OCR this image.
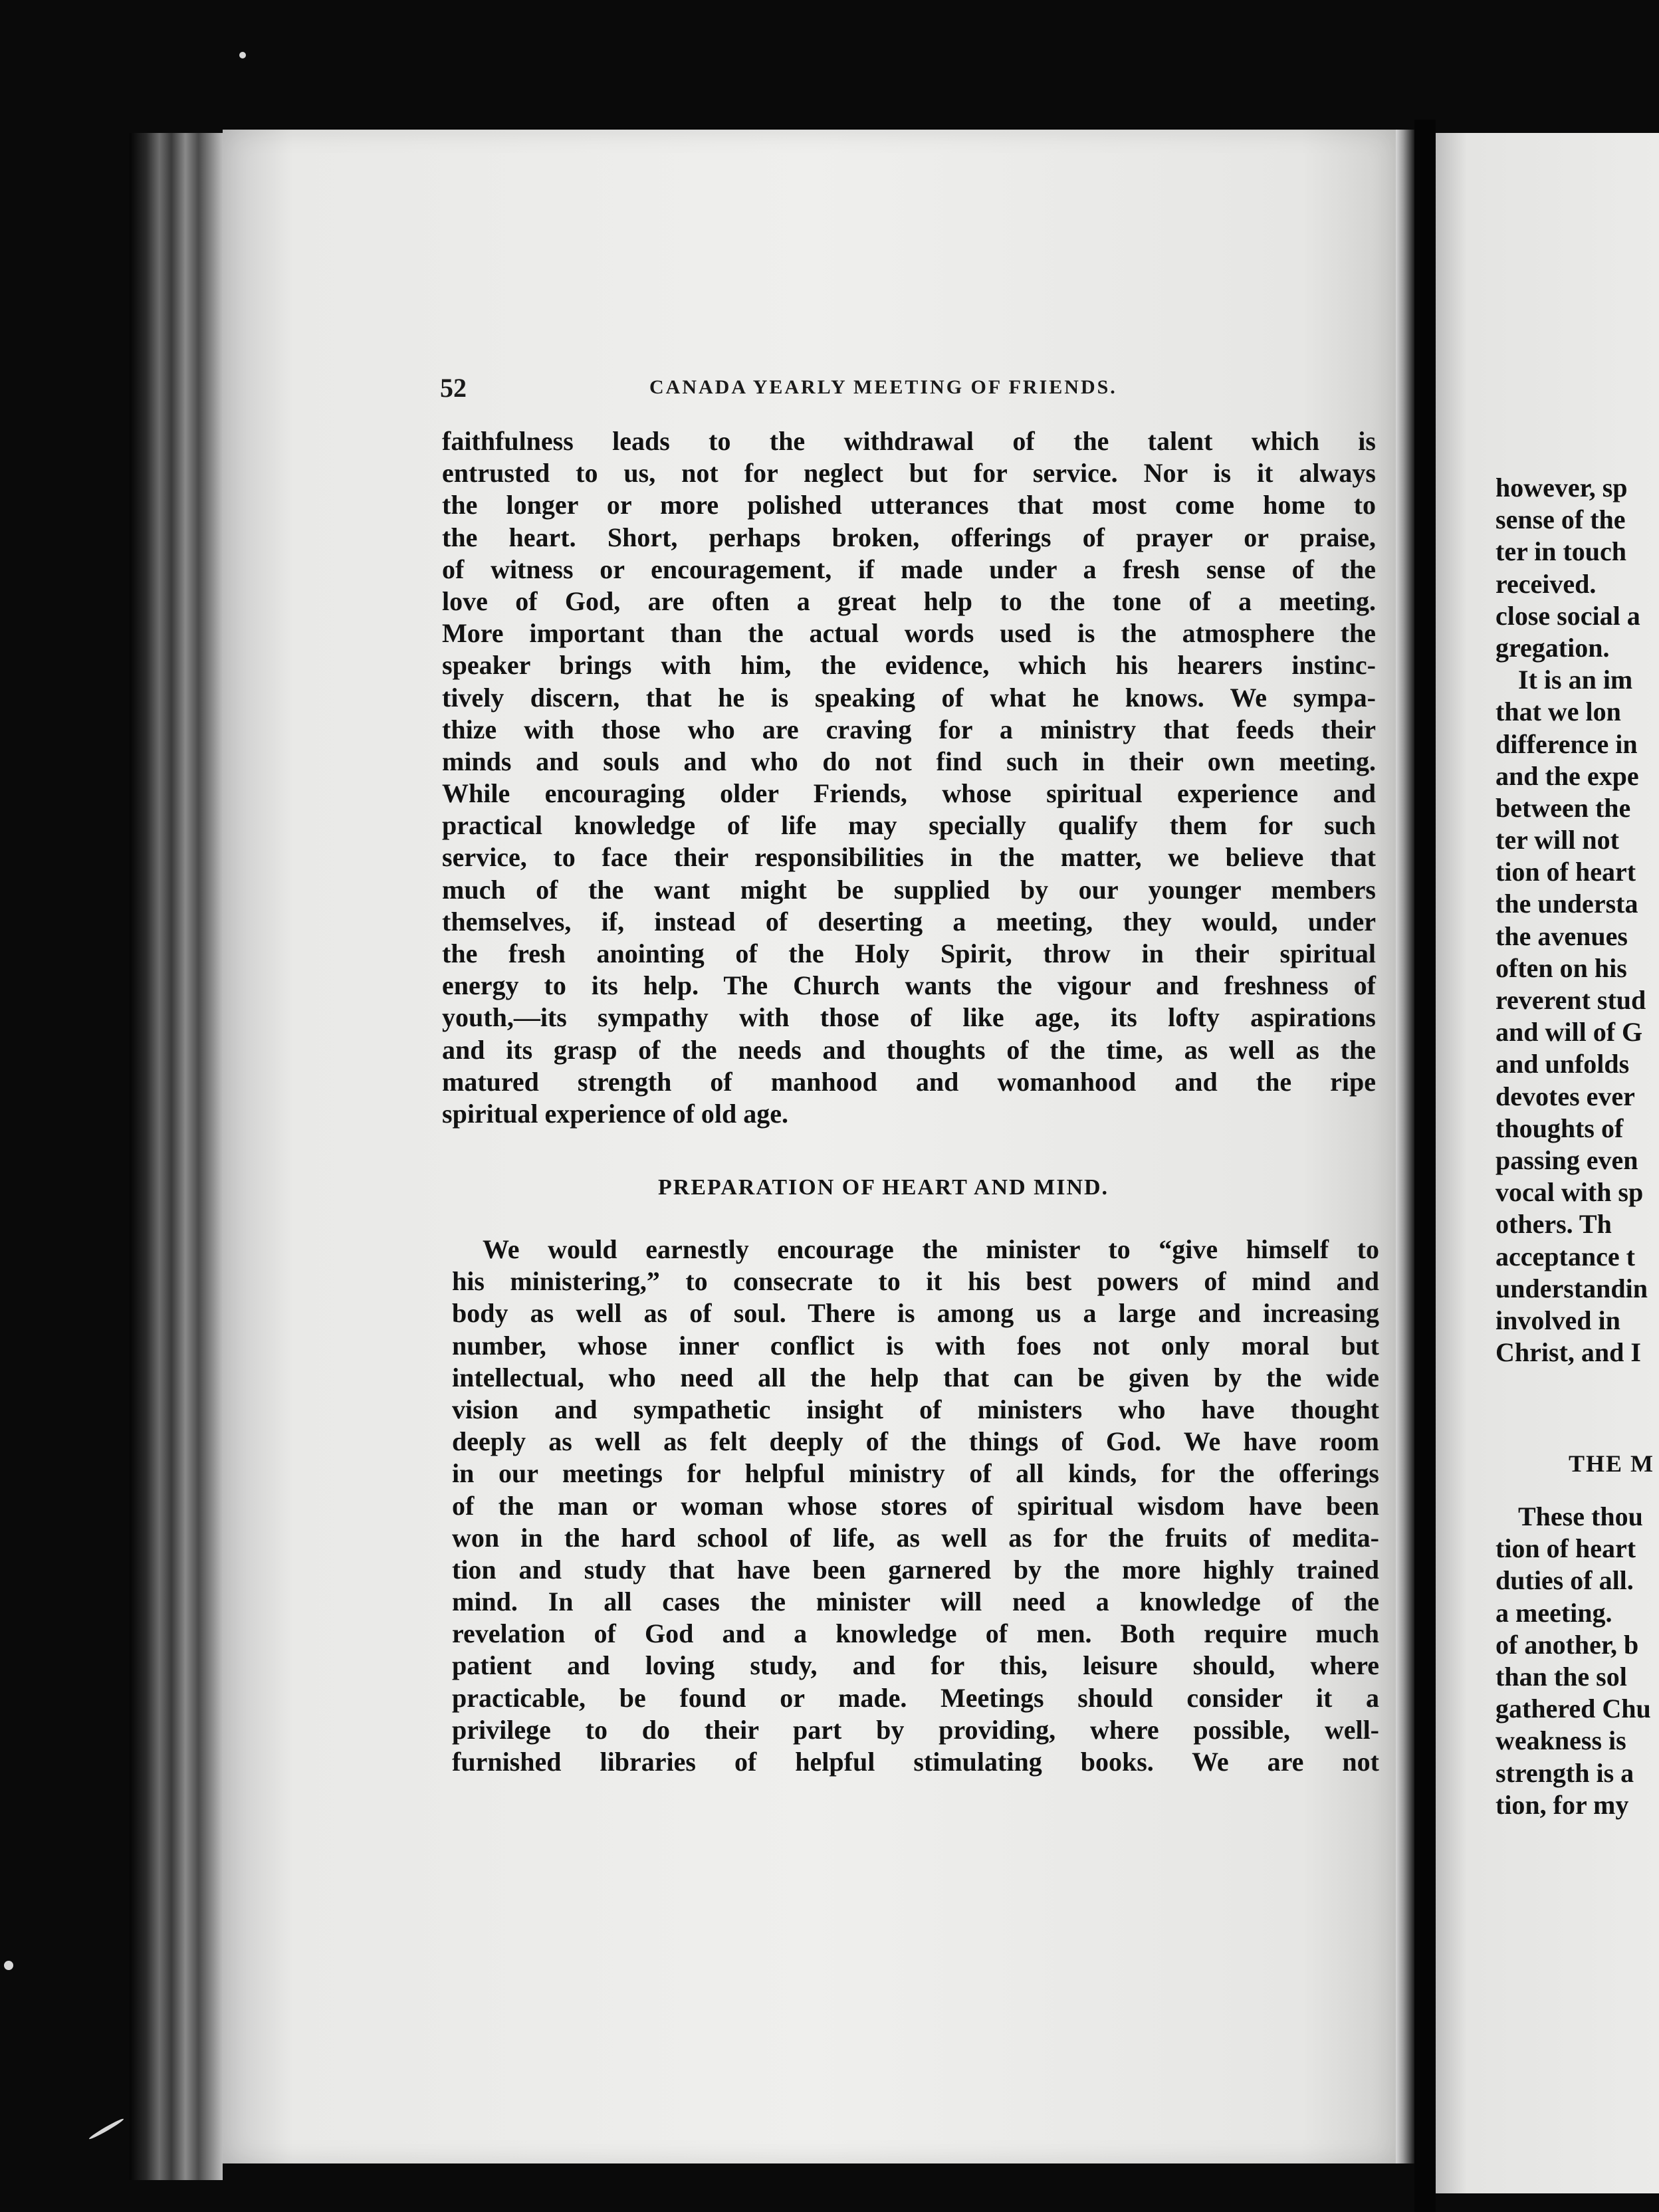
52	CANADA YEARLY MEETING OF FRIENDS.
faithfulness leads to the withdrawal of the talent which is
entrusted to us, not for neglect but for service. Nor is it always
the longer or more polished utterances that most come home to
the heart. Short, perhaps broken, offerings of prayer or praise,
of witness or encouragement, if made under a fresh sense of the
love of God, are often a great help to the tone of a meeting.
More important than the actual words used is the atmosphere the
speaker brings with him, the evidence, which his hearers instinc-
tively discern, that he is speaking of what he knows. We sympa-
thize with those who are craving for a ministry that feeds their
minds and souls and who do not find such in their own meeting.
While encouraging older Friends, whose spiritual experience and
practical knowledge of life may specially qualify them for such
service, to face their responsibilities in the matter, we believe that
much of the want might be supplied by our younger members
themselves, if, instead of deserting a meeting, they would, under
the fresh anointing of the Holy Spirit, throw in their spiritual
energy to its help. The Church wants the vigour and freshness of
youth,—its sympathy with those of like age, its lofty aspirations
and its grasp of the needs and thoughts of the time, as well as the
matured strength of manhood and womanhood and the ripe
spiritual experience of old age.
PREPARATION OF HEART AND MIND.
We would earnestly encourage the minister to “give himself to
his ministering,” to consecrate to it his best powers of mind and
body as well as of soul. There is among us a large and increasing
number, whose inner conflict is with foes not only moral but
intellectual, who need all the help that can be given by the wide
vision and sympathetic insight of ministers who have thought
deeply as well as felt deeply of the things of God. We have room
in our meetings for helpful ministry of all kinds, for the offerings
of the man or woman whose stores of spiritual wisdom have been
won in the hard school of life, as well as for the fruits of medita-
tion and study that have been garnered by the more highly trained
mind. In all cases the minister will need a knowledge of the
revelation of God and a knowledge of men. Both require much
patient and loving study, and for this, leisure should, where
practicable, be found or made. Meetings should consider it a
privilege to do their part by providing, where possible, well-
furnished libraries of helpful stimulating books. We are not
however, sp
sense of the
ter in touch
received.
close social a
gregation.
It is an im
that we lon
difference in
and the expe
between the
ter will not
tion of heart
the understa
the avenues
often on his
reverent stud
and will of G
and unfolds
devotes ever
thoughts of
passing even
vocal with sp
others. Th
acceptance t
understandin
involved in
Christ, and I
THE M
These thou
tion of heart
duties of all.
a meeting.
of another, b
than the sol
gathered Chu
weakness is
strength is a
tion, for my
